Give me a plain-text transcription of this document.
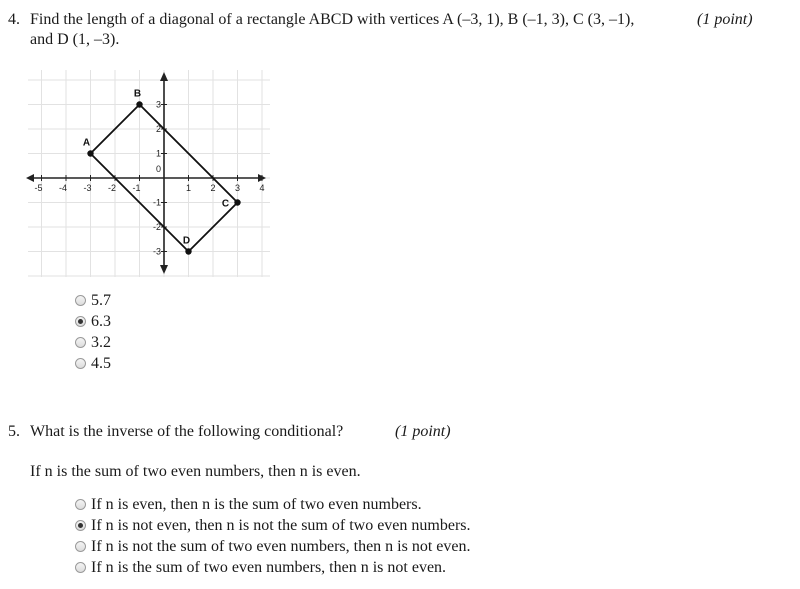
4. Find the length of a diagonal of a rectangle ABCD with vertices A (–3, 1), B (–1, 3), C (3, –1),	(1 point)
and D (1, –3).
-5 -4 -3 -2 -1	1 2 3 4
3
2
1
0
-1
-2
-3
A
B
C
D
5.7
6.3
3.2
4.5
5. What is the inverse of the following conditional?	(1 point)
If n is the sum of two even numbers, then n is even.
If n is even, then n is the sum of two even numbers.
If n is not even, then n is not the sum of two even numbers.
If n is not the sum of two even numbers, then n is not even.
If n is the sum of two even numbers, then n is not even.
